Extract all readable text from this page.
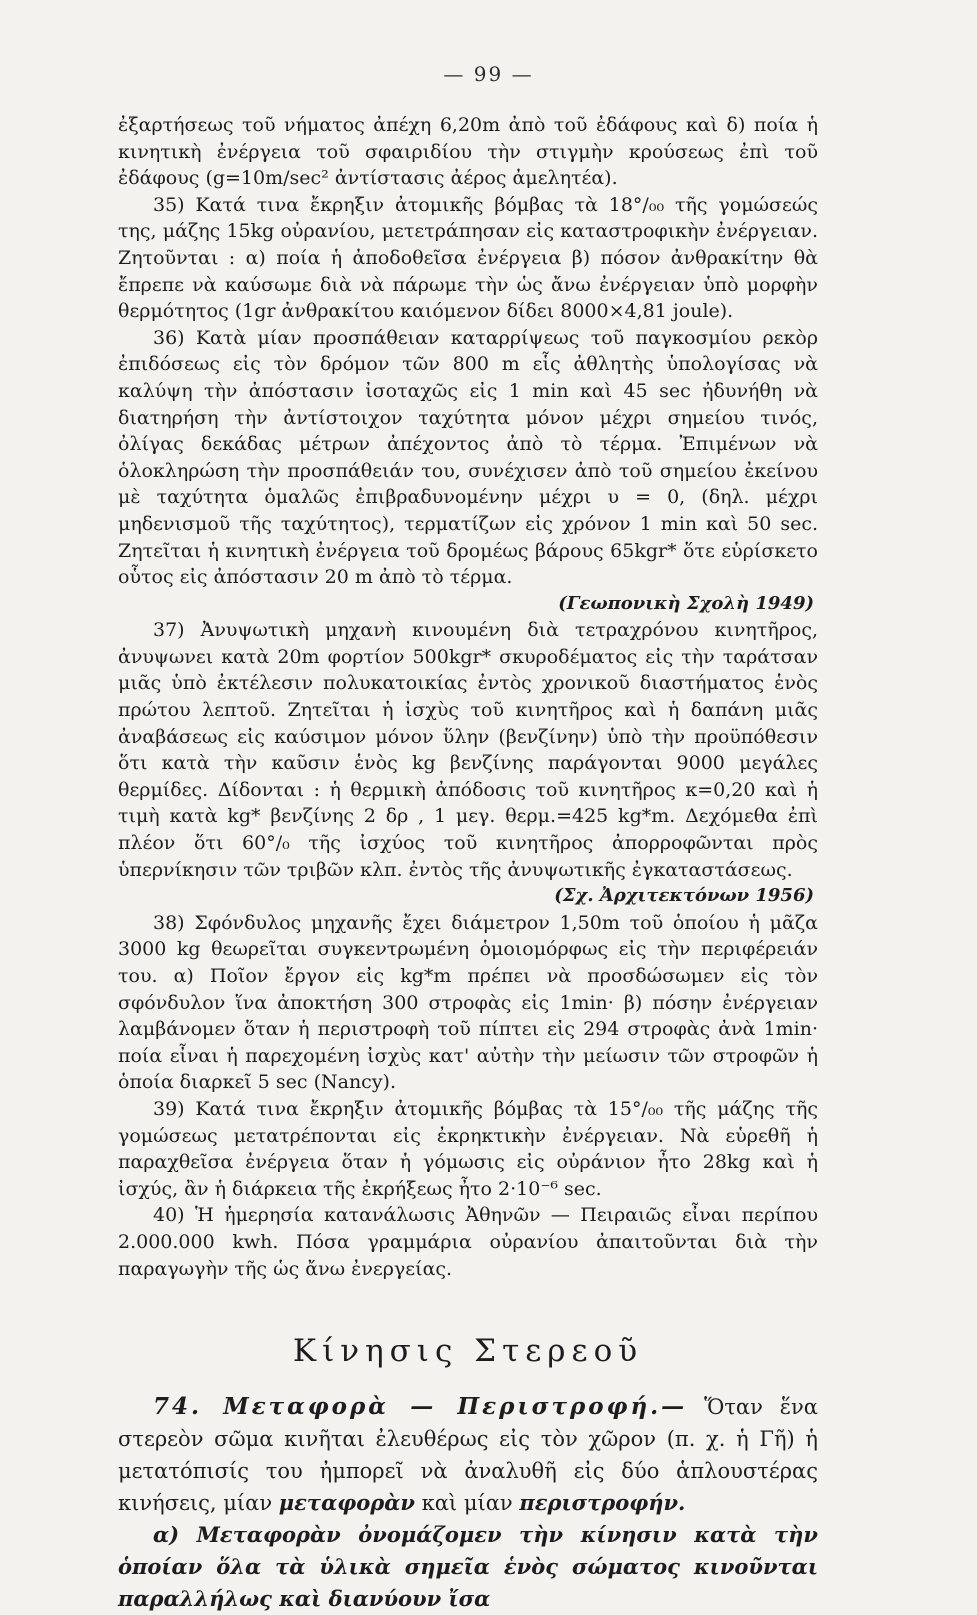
— 99 —

ἐξαρτήσεως τοῦ νήματος ἀπέχη 6,20m ἀπὸ τοῦ ἐδάφους καὶ δ) ποία ἡ κινητικὴ ἐνέργεια τοῦ σφαιριδίου τὴν στιγμὴν κρούσεως ἐπὶ τοῦ ἐδάφους (g=10m/sec² ἀντίστασις ἀέρος ἀμελητέα).

35) Κατά τινα ἔκρηξιν ἀτομικῆς βόμβας τὰ 18°/₀₀ τῆς γομώσεώς της, μάζης 15kg οὐρανίου, μετετράπησαν εἰς καταστροφικὴν ἐνέργειαν. Ζητοῦνται : α) ποία ἡ ἀποδοθεῖσα ἐνέργεια β) πόσον ἀνθρακίτην θὰ ἔπρεπε νὰ καύσωμε διὰ νὰ πάρωμε τὴν ὡς ἄνω ἐνέργειαν ὑπὸ μορφὴν θερμότητος (1gr ἀνθρακίτου καιόμενον δίδει 8000×4,81 joule).

36) Κατὰ μίαν προσπάθειαν καταρρίψεως τοῦ παγκοσμίου ρεκὸρ ἐπιδόσεως εἰς τὸν δρόμον τῶν 800 m εἷς ἀθλητὴς ὑπολογίσας νὰ καλύψη τὴν ἀπόστασιν ἰσοταχῶς εἰς 1 min καὶ 45 sec ἠδυνήθη νὰ διατηρήση τὴν ἀντίστοιχον ταχύτητα μόνον μέχρι σημείου τινός, ὀλίγας δεκάδας μέτρων ἀπέχοντος ἀπὸ τὸ τέρμα. Ἐπιμένων νὰ ὁλοκληρώση τὴν προσπάθειάν του, συνέχισεν ἀπὸ τοῦ σημείου ἐκείνου μὲ ταχύτητα ὁμαλῶς ἐπιβραδυνομένην μέχρι υ = 0, (δηλ. μέχρι μηδενισμοῦ τῆς ταχύτητος), τερματίζων εἰς χρόνον 1 min καὶ 50 sec. Ζητεῖται ἡ κινητικὴ ἐνέργεια τοῦ δρομέως βάρους 65kgr* ὅτε εὑρίσκετο οὗτος εἰς ἀπόστασιν 20 m ἀπὸ τὸ τέρμα.

(Γεωπονικὴ Σχολὴ 1949)

37) Ἀνυψωτικὴ μηχανὴ κινουμένη διὰ τετραχρόνου κινητῆρος, ἀνυψωνει κατὰ 20m φορτίον 500kgr* σκυροδέματος εἰς τὴν ταράτσαν μιᾶς ὑπὸ ἐκτέλεσιν πολυκατοικίας ἐντὸς χρονικοῦ διαστήματος ἑνὸς πρώτου λεπτοῦ. Ζητεῖται ἡ ἰσχὺς τοῦ κινητῆρος καὶ ἡ δαπάνη μιᾶς ἀναβάσεως εἰς καύσιμον μόνον ὕλην (βενζίνην) ὑπὸ τὴν προϋπόθεσιν ὅτι κατὰ τὴν καῦσιν ἑνὸς kg βενζίνης παράγονται 9000 μεγάλες θερμίδες. Δίδονται : ἡ θερμικὴ ἀπόδοσις τοῦ κινητῆρος κ=0,20 καὶ ἡ τιμὴ κατὰ kg* βενζίνης 2 δρ , 1 μεγ. θερμ.=425 kg*m. Δεχόμεθα ἐπὶ πλέον ὅτι 60°/₀ τῆς ἰσχύος τοῦ κινητῆρος ἀπορροφῶνται πρὸς ὑπερνίκησιν τῶν τριβῶν κλπ. ἐντὸς τῆς ἀνυψωτικῆς ἐγκαταστάσεως.

(Σχ. Ἀρχιτεκτόνων 1956)

38) Σφόνδυλος μηχανῆς ἔχει διάμετρον 1,50m τοῦ ὁποίου ἡ μᾶζα 3000 kg θεωρεῖται συγκεντρωμένη ὁμοιομόρφως εἰς τὴν περιφέρειάν του. α) Ποῖον ἔργον εἰς kg*m πρέπει νὰ προσδώσωμεν εἰς τὸν σφόνδυλον ἵνα ἀποκτήση 300 στροφὰς εἰς 1min· β) πόσην ἐνέργειαν λαμβάνομεν ὅταν ἡ περιστροφὴ τοῦ πίπτει εἰς 294 στροφὰς ἀνὰ 1min· ποία εἶναι ἡ παρεχομένη ἰσχὺς κατ' αὐτὴν τὴν μείωσιν τῶν στροφῶν ἡ ὁποία διαρκεῖ 5 sec (Nancy).

39) Κατά τινα ἔκρηξιν ἀτομικῆς βόμβας τὰ 15°/₀₀ τῆς μάζης τῆς γομώσεως μετατρέπονται εἰς ἐκρηκτικὴν ἐνέργειαν. Νὰ εὑρεθῆ ἡ παραχθεῖσα ἐνέργεια ὅταν ἡ γόμωσις εἰς οὐράνιον ἦτο 28kg καὶ ἡ ἰσχύς, ἂν ἡ διάρκεια τῆς ἐκρήξεως ἦτο 2·10⁻⁶ sec.

40) Ἡ ἡμερησία κατανάλωσις Ἀθηνῶν — Πειραιῶς εἶναι περίπου 2.000.000 kwh. Πόσα γραμμάρια οὐρανίου ἀπαιτοῦνται διὰ τὴν παραγωγὴν τῆς ὡς ἄνω ἐνεργείας.

Κίνησις Στερεοῦ

74. Μεταφορὰ — Περιστροφή.— Ὅταν ἕνα στερεὸν σῶμα κινῆται ἐλευθέρως εἰς τὸν χῶρον (π. χ. ἡ Γῆ) ἡ μετατόπισίς του ἠμπορεῖ νὰ ἀναλυθῆ εἰς δύο ἁπλουστέρας κινήσεις, μίαν μεταφορὰν καὶ μίαν περιστροφήν.

α) Μεταφορὰν ὀνομάζομεν τὴν κίνησιν κατὰ τὴν ὁποίαν ὅλα τὰ ὑλικὰ σημεῖα ἑνὸς σώματος κινοῦνται παραλλήλως καὶ διανύουν ἴσα
